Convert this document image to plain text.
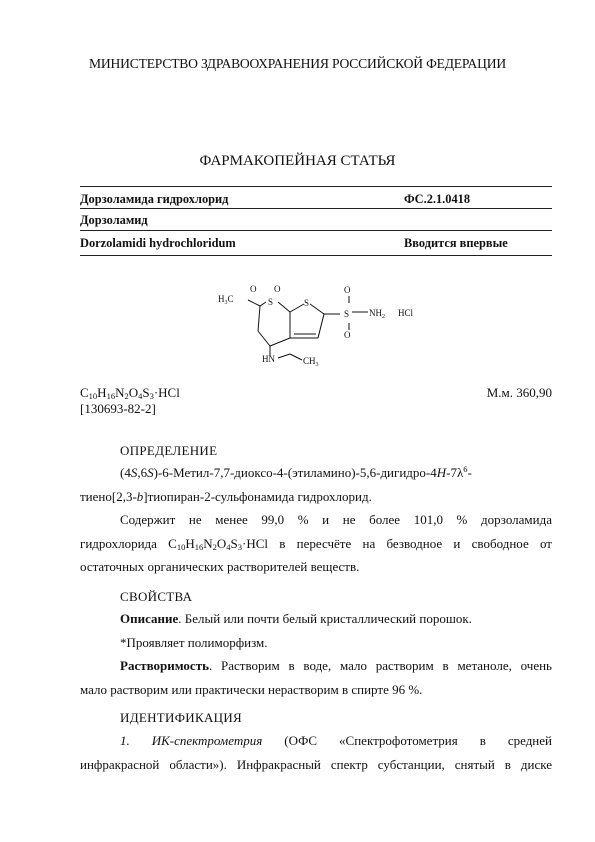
МИНИСТЕРСТВО ЗДРАВООХРАНЕНИЯ РОССИЙСКОЙ ФЕДЕРАЦИИ
ФАРМАКОПЕЙНАЯ СТАТЬЯ
Дорзоламида гидрохлорид	ФС.2.1.0418
Дорзоламид
Dorzolamidi hydrochloridum	Вводится впервые
$H_3C$
O
S
O
S
O
S
O
$NH_2$ HCl
HN	$CH_3$
$C_{10}H_{16}N_2O_4S_3\cdot HCl$	М.м. 360,90
[130693-82-2]
ОПРЕДЕЛЕНИЕ

$(4S,6S)-6-Метил-7,7-диоксо-4-(этиламино)-5,6-дигидро-4H-7\lambda^6-$

тиено[2,3-b]тиопиран-2-сульфонамида гидрохлорид.

Содержит не менее 99,0 % и не более 101,0 % дорзоламида

гидрохлорида $C_{10}H_{16}N_2O_4S_3\cdot HCl$ в пересчёте на безводное и свободное от

остаточных органических растворителей веществ.

СВОЙСТВА

Описание. Белый или почти белый кристаллический порошок.

*Проявляет полиморфизм.

Растворимость. Растворим в воде, мало растворим в метаноле, очень

мало растворим или практически нерастворим в спирте 96 %.

ИДЕНТИФИКАЦИЯ

1. ИК-спектрометрия (ОФС «Спектрофотометрия в средней

инфракрасной области»). Инфракрасный спектр субстанции, снятый в диске
